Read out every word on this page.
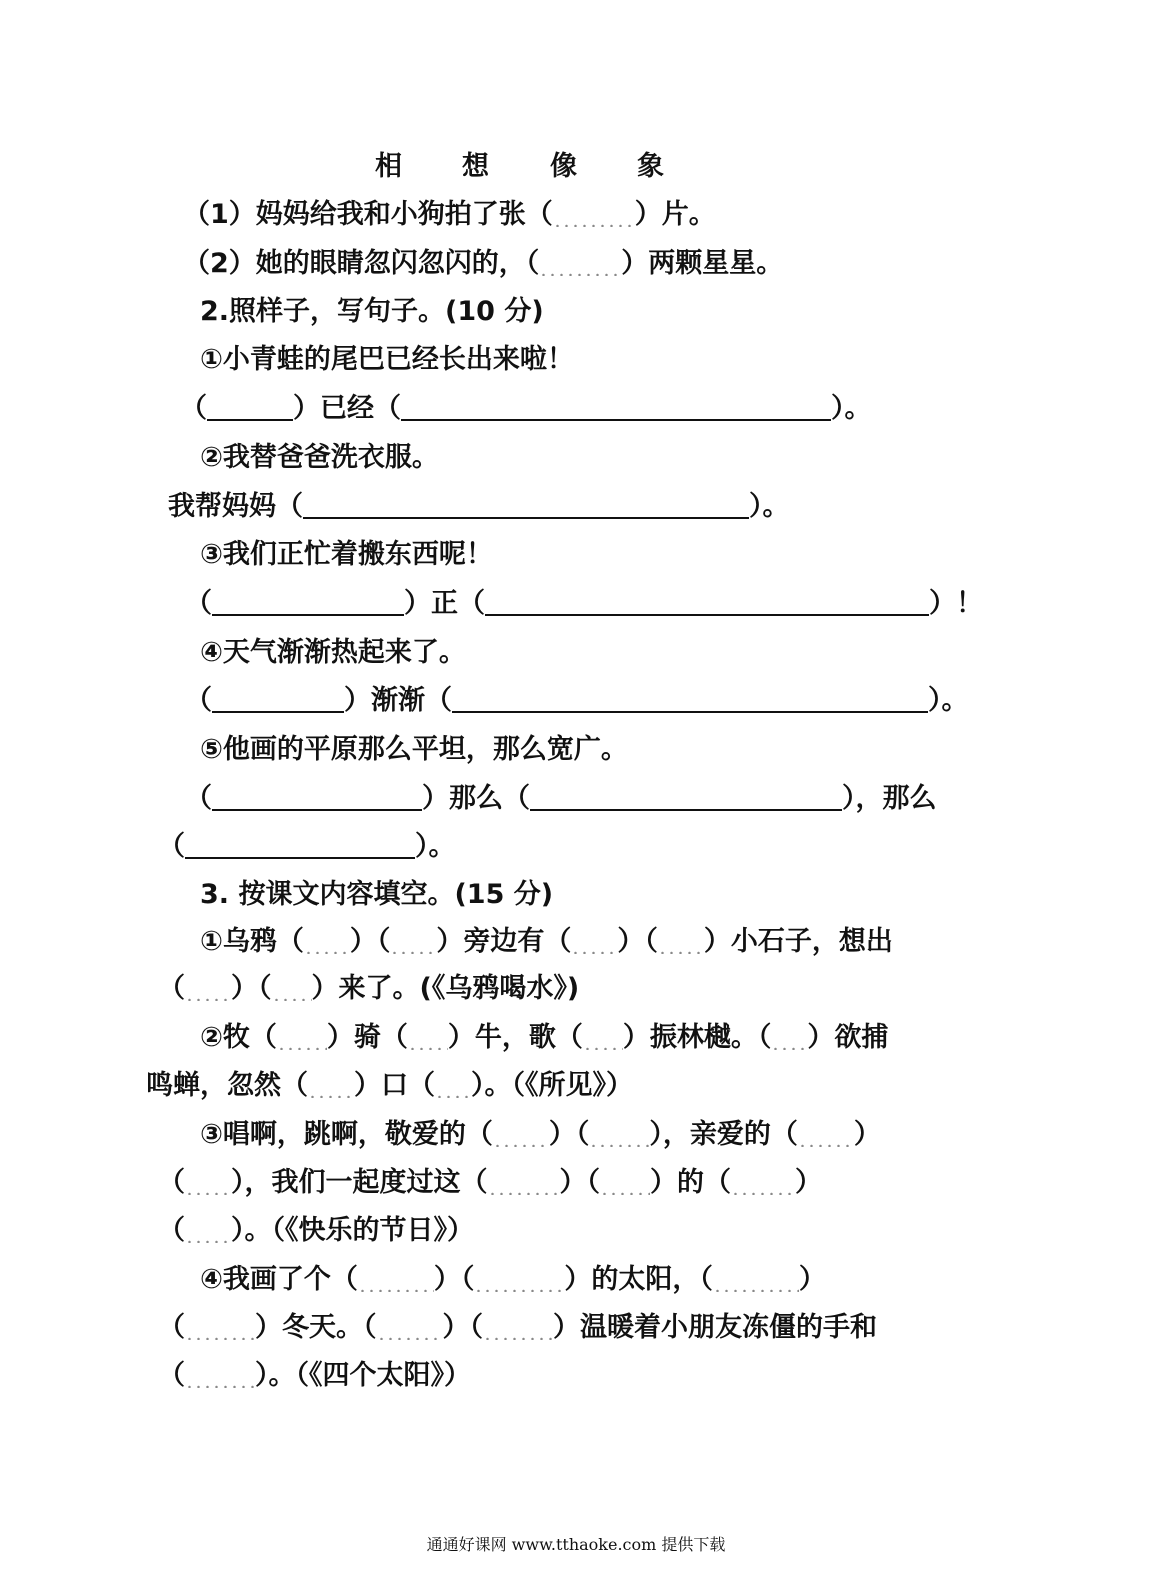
相 想 像 象
（1）妈妈给我和小狗拍了张（	）片。
（2）她的眼睛忽闪忽闪的，（	）两颗星星。
2.照样子，写句子。(10 分)
①小青蛙的尾巴已经长出来啦！
（	）已经（	）。
②我替爸爸洗衣服。
我帮妈妈（	）。
③我们正忙着搬东西呢！
（	）正（	）！
④天气渐渐热起来了。
（	）渐渐（	）。
⑤他画的平原那么平坦，那么宽广。
（	）那么（	），那么
（	）。
3. 按课文内容填空。(15 分)
①乌鸦（ ）（ ）旁边有（ ）（ ）小石子，想出
（ ）（ ）来了。(《乌鸦喝水》)
②牧（ ）骑（ ）牛，歌（ ）振林樾。（ ）欲捕
鸣蝉，忽然（ ）口（ ）。（《所见》）
③唱啊，跳啊，敬爱的（ ）（ ），亲爱的（ ）
（ ），我们一起度过这（	）（ ）的（ ）
（ ）。（《快乐的节日》）
④我画了个（	）（	）的太阳，（	）
（	）冬天。（ ）（	）温暖着小朋友冻僵的手和
（	）。（《四个太阳》）
通通好课网 www.tthaoke.com 提供下载
